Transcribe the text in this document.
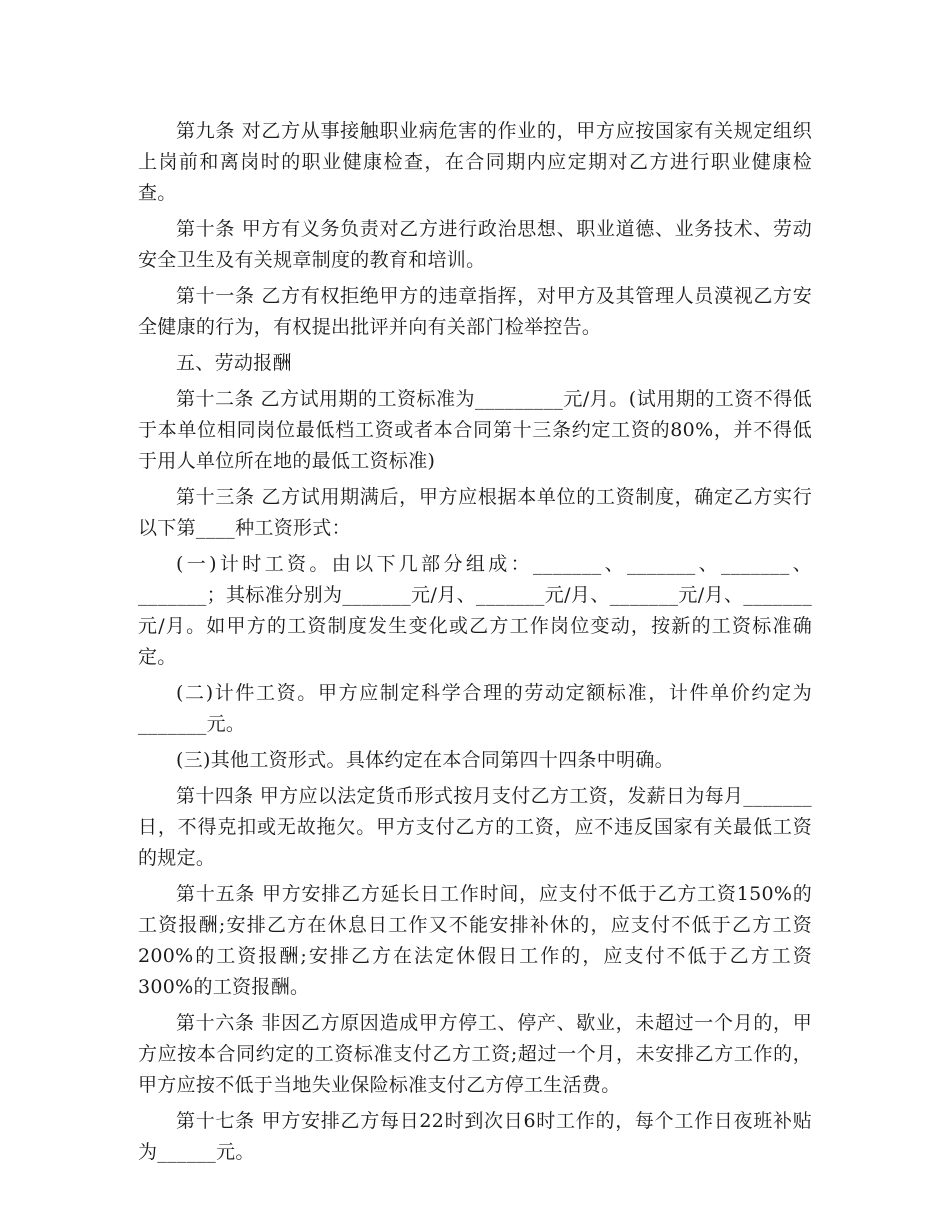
第九条 对乙方从事接触职业病危害的作业的，甲方应按国家有关规定组织上岗前和离岗时的职业健康检查，在合同期内应定期对乙方进行职业健康检查。

第十条 甲方有义务负责对乙方进行政治思想、职业道德、业务技术、劳动安全卫生及有关规章制度的教育和培训。

第十一条 乙方有权拒绝甲方的违章指挥，对甲方及其管理人员漠视乙方安全健康的行为，有权提出批评并向有关部门检举控告。

五、劳动报酬

第十二条 乙方试用期的工资标准为_________元/月。(试用期的工资不得低于本单位相同岗位最低档工资或者本合同第十三条约定工资的80%，并不得低于用人单位所在地的最低工资标准)

第十三条 乙方试用期满后，甲方应根据本单位的工资制度，确定乙方实行以下第____种工资形式：

(一)计时工资。由以下几部分组成：_______、_______、_______、_______；其标准分别为_______元/月、_______元/月、_______元/月、_______元/月。如甲方的工资制度发生变化或乙方工作岗位变动，按新的工资标准确定。

(二)计件工资。甲方应制定科学合理的劳动定额标准，计件单价约定为_______元。

(三)其他工资形式。具体约定在本合同第四十四条中明确。

第十四条 甲方应以法定货币形式按月支付乙方工资，发薪日为每月_______日，不得克扣或无故拖欠。甲方支付乙方的工资，应不违反国家有关最低工资的规定。

第十五条 甲方安排乙方延长日工作时间，应支付不低于乙方工资150%的工资报酬;安排乙方在休息日工作又不能安排补休的，应支付不低于乙方工资200%的工资报酬;安排乙方在法定休假日工作的，应支付不低于乙方工资300%的工资报酬。

第十六条 非因乙方原因造成甲方停工、停产、歇业，未超过一个月的，甲方应按本合同约定的工资标准支付乙方工资;超过一个月，未安排乙方工作的，甲方应按不低于当地失业保险标准支付乙方停工生活费。

第十七条 甲方安排乙方每日22时到次日6时工作的，每个工作日夜班补贴为______元。
